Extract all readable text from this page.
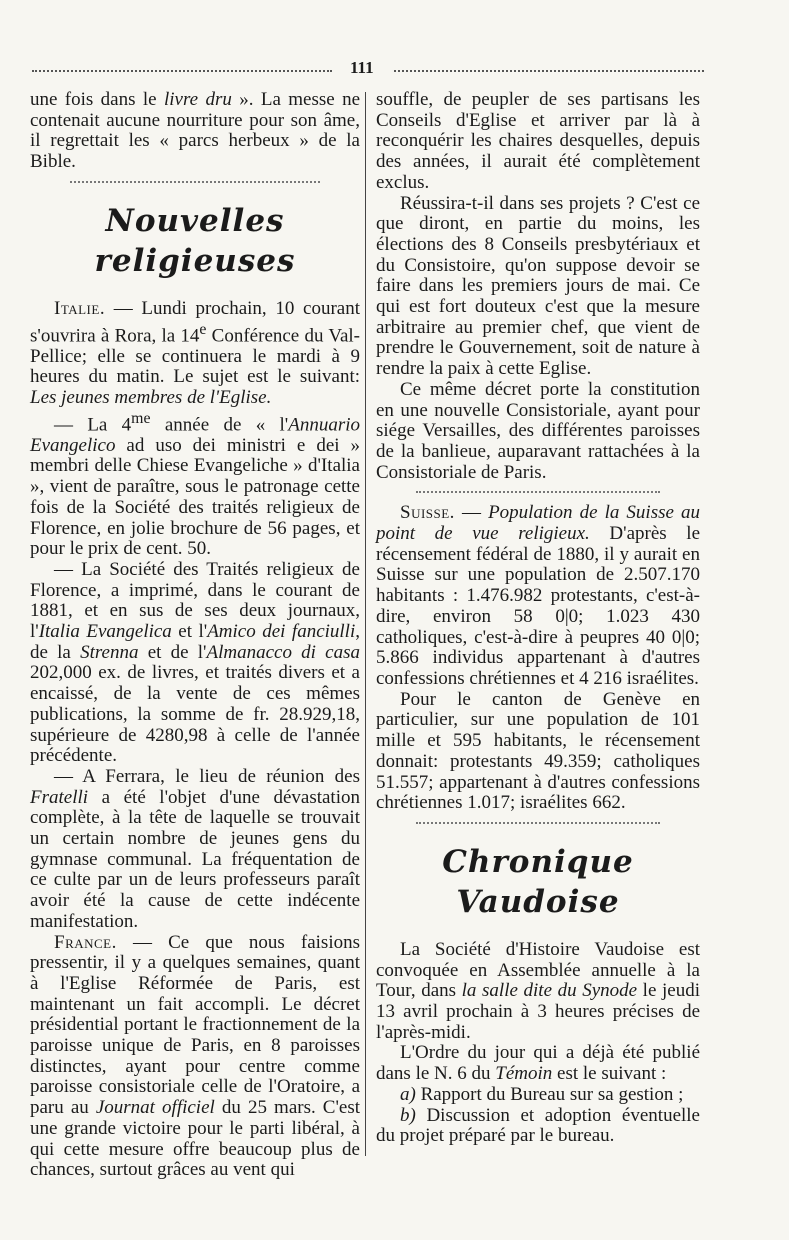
111

une fois dans le livre dru ». La messe ne contenait aucune nourriture pour son âme, il regrettait les « parcs herbeux » de la Bible.

Nouvelles religieuses

Italie. — Lundi prochain, 10 courant s'ouvrira à Rora, la 14e Conférence du Val-Pellice; elle se continuera le mardi à 9 heures du matin. Le sujet est le suivant: Les jeunes membres de l'Eglise.

— La $4^{me}$ année de « l'Annuario Evangelico ad uso dei ministri e dei » membri delle Chiese Evangeliche » d'Italia », vient de paraître, sous le patronage cette fois de la Société des traités religieux de Florence, en jolie brochure de 56 pages, et pour le prix de cent. 50.

— La Société des Traités religieux de Florence, a imprimé, dans le courant de 1881, et en sus de ses deux journaux, l'Italia Evangelica et l'Amico dei fanciulli, de la Strenna et de l'Almanacco di casa 202,000 ex. de livres, et traités divers et a encaissé, de la vente de ces mêmes publications, la somme de fr. 28.929,18, supérieure de 4280,98 à celle de l'année précédente.

— A Ferrara, le lieu de réunion des Fratelli a été l'objet d'une dévastation complète, à la tête de laquelle se trouvait un certain nombre de jeunes gens du gymnase communal. La fréquentation de ce culte par un de leurs professeurs paraît avoir été la cause de cette indécente manifestation.

France. — Ce que nous faisions pressentir, il y a quelques semaines, quant à l'Eglise Réformée de Paris, est maintenant un fait accompli. Le décret présidential portant le fractionnement de la paroisse unique de Paris, en 8 paroisses distinctes, ayant pour centre comme paroisse consistoriale celle de l'Oratoire, a paru au Journat officiel du 25 mars. C'est une grande victoire pour le parti libéral, à qui cette mesure offre beaucoup plus de chances, surtout grâces au vent qui

souffle, de peupler de ses partisans les Conseils d'Eglise et arriver par là à reconquérir les chaires desquelles, depuis des années, il aurait été complètement exclus.

Réussira-t-il dans ses projets ? C'est ce que diront, en partie du moins, les élections des 8 Conseils presbytériaux et du Consistoire, qu'on suppose devoir se faire dans les premiers jours de mai. Ce qui est fort douteux c'est que la mesure arbitraire au premier chef, que vient de prendre le Gouvernement, soit de nature à rendre la paix à cette Eglise.

Ce même décret porte la constitution en une nouvelle Consistoriale, ayant pour siége Versailles, des différentes paroisses de la banlieue, auparavant rattachées à la Consistoriale de Paris.

Suisse. — Population de la Suisse au point de vue religieux. D'après le récensement fédéral de 1880, il y aurait en Suisse sur une population de 2.507.170 habitants : 1.476.982 protestants, c'est-à-dire, environ 58 0|0; 1.023 430 catholiques, c'est-à-dire à peupres 40 0|0; 5.866 individus appartenant à d'autres confessions chrétiennes et 4 216 israélites.

Pour le canton de Genève en particulier, sur une population de 101 mille et 595 habitants, le récensement donnait: protestants 49.359; catholiques 51.557; appartenant à d'autres confessions chrétiennes 1.017; israélites 662.

Chronique Vaudoise

La Société d'Histoire Vaudoise est convoquée en Assemblée annuelle à la Tour, dans la salle dite du Synode le jeudi 13 avril prochain à 3 heures précises de l'après-midi.

L'Ordre du jour qui a déjà été publié dans le N. 6 du Témoin est le suivant :

a) Rapport du Bureau sur sa gestion ;

b) Discussion et adoption éventuelle du projet préparé par le bureau.
